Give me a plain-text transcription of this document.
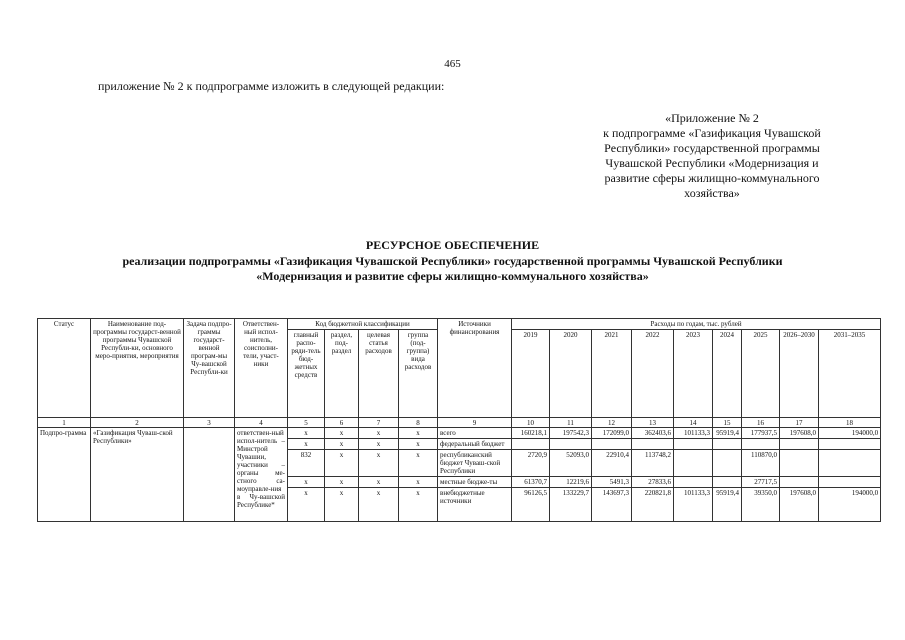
465
приложение № 2 к подпрограмме изложить в следующей редакции:
«Приложение № 2
к подпрограмме «Газификация Чувашской
Республики» государственной программы
Чувашской Республики «Модернизация и
развитие сферы жилищно-коммунального
хозяйства»
РЕСУРСНОЕ ОБЕСПЕЧЕНИЕ
реализации подпрограммы «Газификация Чувашской Республики» государственной программы Чувашской Республики
«Модернизация и развитие сферы жилищно-коммунального хозяйства»
Статус	Наименование под-программы государст-венной программы Чувашской Республи-ки, основного меро-приятия, мероприятия	Задача подпро-граммы государст-венной програм-мы Чу-вашской Республи-ки	Ответствен-ный испол-нитель, соисполни-тели, участ-ники	Код бюджетной классификации				Источники финансирования	Расходы по годам, тыс. рублей								
				главный распо-ряди-тель бюд-жетных средств	раздел, под-раздел	целевая статья расходов	группа (под-группа) вида расходов		2019	2020	2021	2022	2023	2024	2025	2026–2030	2031–2035
1	2	3	4	5	6	7	8	9	10	11	12	13	14	15	16	17	18
Подпро-грамма	«Газификация Чуваш-ской Республики»		ответствен-ный испол-нитель – Минстрой Чувашии, участники – органы ме-стного са-моуправле-ния в Чу-вашской Республике*	x	x	x	x	всего	160218,1	197542,3	172099,0	362403,6	101133,3	95919,4	177937,5	197608,0	194000,0
				x	x	x	x	федеральный бюджет									
				832	x	x	x	республиканский бюджет Чуваш-ской Республики	2720,9	52093,0	22910,4	113748,2			110870,0		
				x	x	x	x	местные бюдже-ты	61370,7	12219,6	5491,3	27833,6			27717,5		
				x	x	x	x	внебюджетные источники	96126,5	133229,7	143697,3	220821,8	101133,3	95919,4	39350,0	197608,0	194000,0
